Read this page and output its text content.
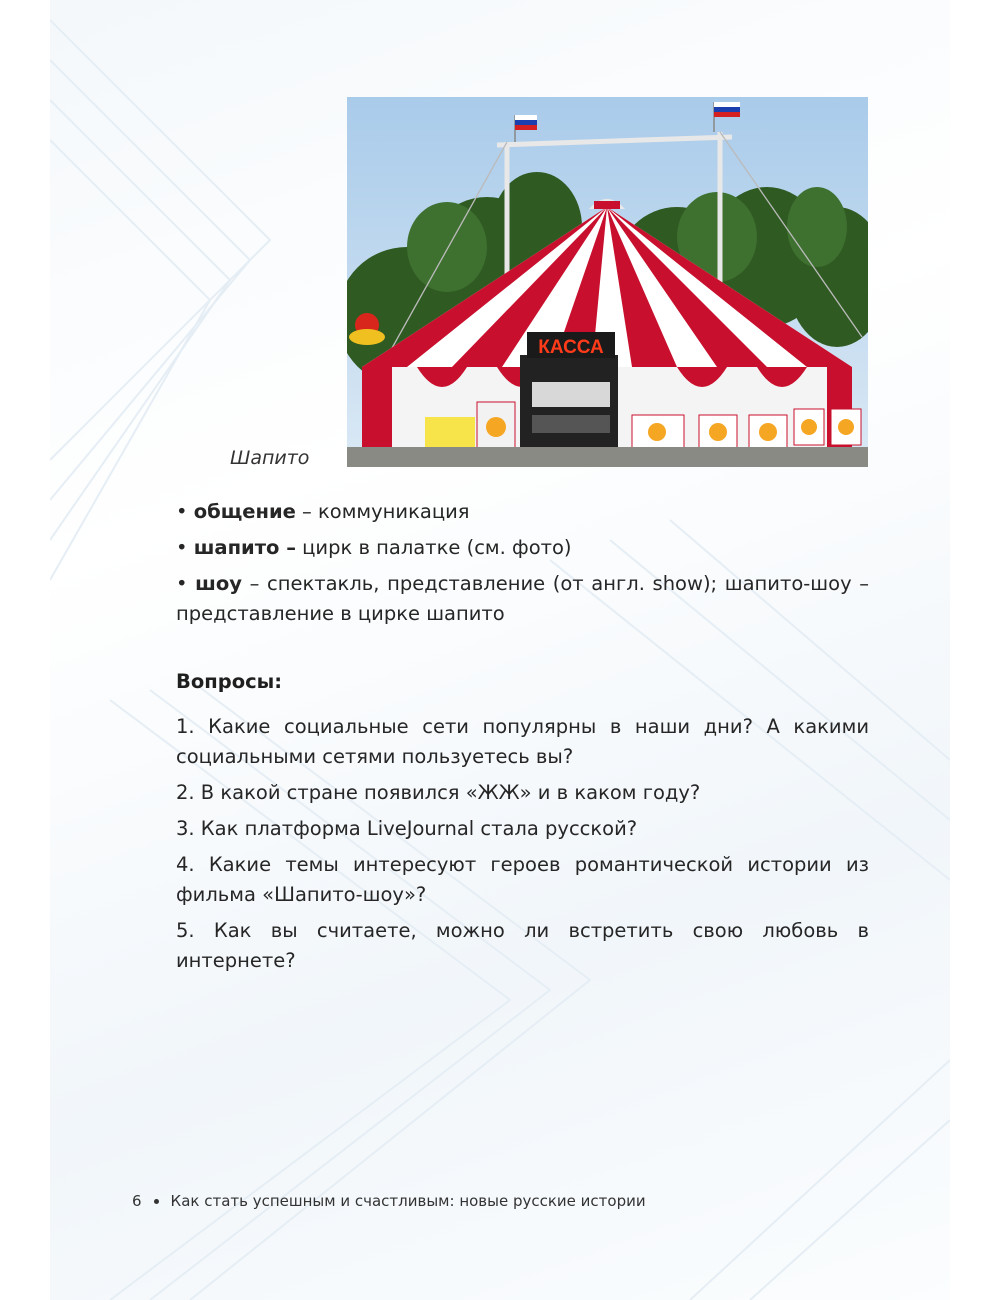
КАССА
Шапито
• общение – коммуникация
• шапито – цирк в палатке (см. фото)
• шоу – спектакль, представление (от англ. show); шапито-шоу – представление в цирке шапито
Вопросы:
1. Какие социальные сети популярны в наши дни? А какими социальными сетями пользуетесь вы?
2. В какой стране появился «ЖЖ» и в каком году?
3. Как платформа LiveJournal стала русской?
4. Какие темы интересуют героев романтической истории из фильма «Шапито-шоу»?
5. Как вы считаете, можно ли встретить свою любовь в интернете?
6 Как стать успешным и счастливым: новые русские истории
